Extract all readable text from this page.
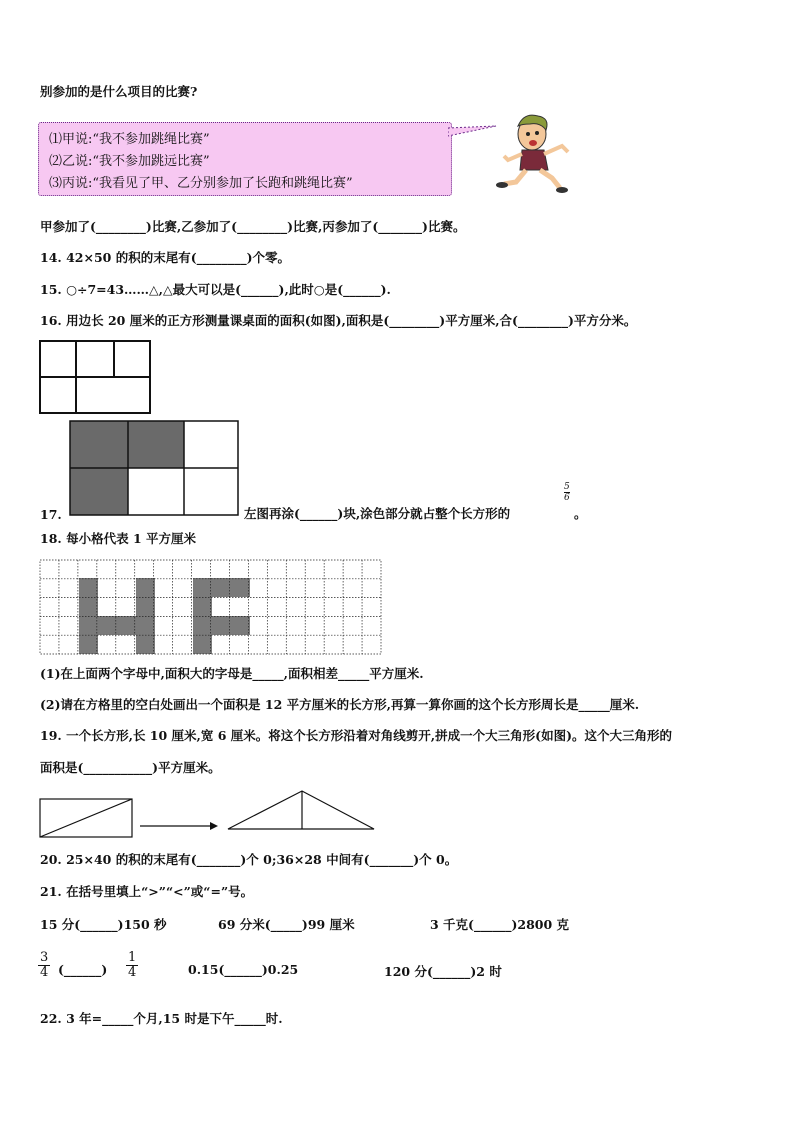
别参加的是什么项目的比赛?
⑴甲说:“我不参加跳绳比赛”
⑵乙说:“我不参加跳远比赛”
⑶丙说:“我看见了甲、乙分别参加了长跑和跳绳比赛”
甲参加了(________)比赛,乙参加了(________)比赛,丙参加了(_______)比赛。
14. 42×50 的积的末尾有(________)个零。
15. ○÷7=43……△,△最大可以是(______),此时○是(______).
16. 用边长 20 厘米的正方形测量课桌面的面积(如图),面积是(________)平方厘米,合(________)平方分米。
17.	左图再涂(______)块,涂色部分就占整个长方形的
$\frac{5}{6}$
。
18. 每小格代表 1 平方厘米
(1)在上面两个字母中,面积大的字母是_____,面积相差_____平方厘米.
(2)请在方格里的空白处画出一个面积是 12 平方厘米的长方形,再算一算你画的这个长方形周长是_____厘米.
19. 一个长方形,长 10 厘米,宽 6 厘米。将这个长方形沿着对角线剪开,拼成一个大三角形(如图)。这个大三角形的
面积是(___________)平方厘米。
20. 25×40 的积的末尾有(_______)个 0;36×28 中间有(_______)个 0。
21. 在括号里填上“>”“<”或“=”号。
15 分(______)150 秒	69 分米(_____)99 厘米	3 千克(______)2800 克
$\frac{3}{4}$ (______) $\frac{1}{4}$	0.15(______)0.25	120 分(______)2 时
22. 3 年=_____个月,15 时是下午_____时.
